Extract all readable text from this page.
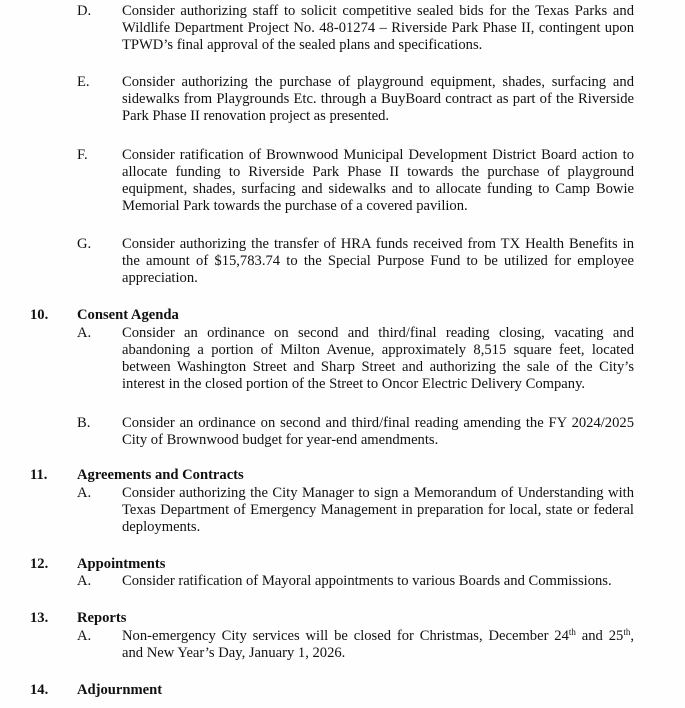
D. Consider authorizing staff to solicit competitive sealed bids for the Texas Parks and Wildlife Department Project No. 48-01274 – Riverside Park Phase II, contingent upon TPWD’s final approval of the sealed plans and specifications.
E. Consider authorizing the purchase of playground equipment, shades, surfacing and sidewalks from Playgrounds Etc. through a BuyBoard contract as part of the Riverside Park Phase II renovation project as presented.
F. Consider ratification of Brownwood Municipal Development District Board action to allocate funding to Riverside Park Phase II towards the purchase of playground equipment, shades, surfacing and sidewalks and to allocate funding to Camp Bowie Memorial Park towards the purchase of a covered pavilion.
G. Consider authorizing the transfer of HRA funds received from TX Health Benefits in the amount of $15,783.74 to the Special Purpose Fund to be utilized for employee appreciation.
10. Consent Agenda
A. Consider an ordinance on second and third/final reading closing, vacating and abandoning a portion of Milton Avenue, approximately 8,515 square feet, located between Washington Street and Sharp Street and authorizing the sale of the City’s interest in the closed portion of the Street to Oncor Electric Delivery Company.
B. Consider an ordinance on second and third/final reading amending the FY 2024/2025 City of Brownwood budget for year-end amendments.
11. Agreements and Contracts
A. Consider authorizing the City Manager to sign a Memorandum of Understanding with Texas Department of Emergency Management in preparation for local, state or federal deployments.
12. Appointments
A. Consider ratification of Mayoral appointments to various Boards and Commissions.
13. Reports
A. Non-emergency City services will be closed for Christmas, December 24th and 25th, and New Year’s Day, January 1, 2026.
14. Adjournment
